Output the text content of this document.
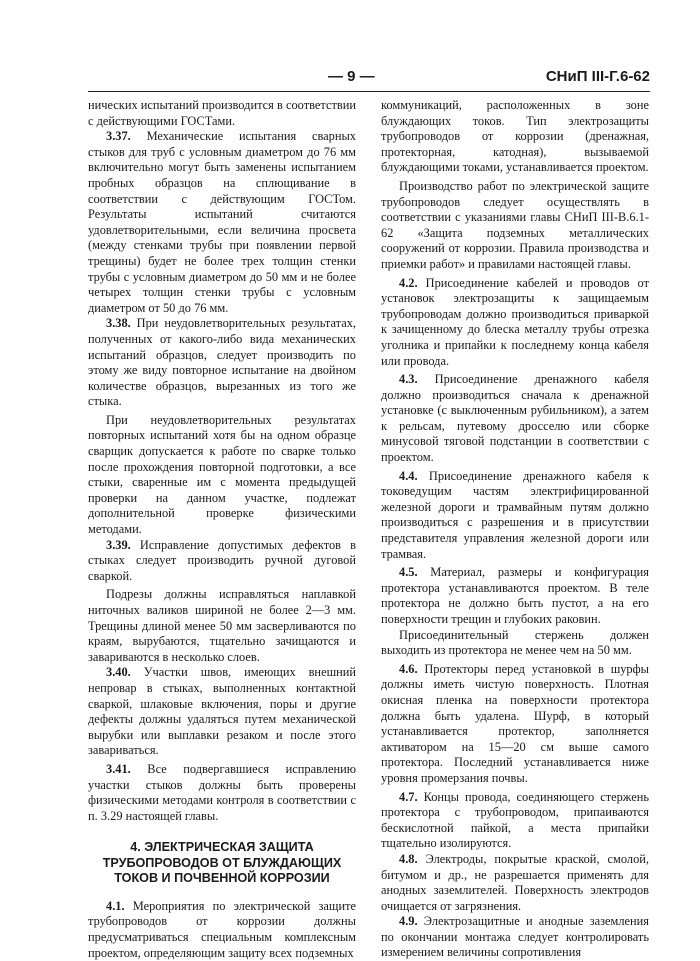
— 9 —	СНиП III-Г.6-62

нических испытаний производится в соответствии с действующими ГОСТами.

3.37. Механические испытания сварных стыков для труб с условным диаметром до 76 мм включительно могут быть заменены испытанием пробных образцов на сплющивание в соответствии с действующим ГОСТом. Результаты испытаний считаются удовлетворительными, если величина просвета (между стенками трубы при появлении первой трещины) будет не более трех толщин стенки трубы с условным диаметром до 50 мм и не более четырех толщин стенки трубы с условным диаметром от 50 до 76 мм.

3.38. При неудовлетворительных результатах, полученных от какого-либо вида механических испытаний образцов, следует производить по этому же виду повторное испытание на двойном количестве образцов, вырезанных из того же стыка.

При неудовлетворительных результатах повторных испытаний хотя бы на одном образце сварщик допускается к работе по сварке только после прохождения повторной подготовки, а все стыки, сваренные им с момента предыдущей проверки на данном участке, подлежат дополнительной проверке физическими методами.

3.39. Исправление допустимых дефектов в стыках следует производить ручной дуговой сваркой.

Подрезы должны исправляться наплавкой ниточных валиков шириной не более 2—3 мм. Трещины длиной менее 50 мм засверливаются по краям, вырубаются, тщательно зачищаются и завариваются в несколько слоев.

3.40. Участки швов, имеющих внешний непровар в стыках, выполненных контактной сваркой, шлаковые включения, поры и другие дефекты должны удаляться путем механической вырубки или выплавки резаком и после этого завариваться.

3.41. Все подвергавшиеся исправлению участки стыков должны быть проверены физическими методами контроля в соответствии с п. 3.29 настоящей главы.

4. ЭЛЕКТРИЧЕСКАЯ ЗАЩИТА
ТРУБОПРОВОДОВ ОТ БЛУЖДАЮЩИХ
ТОКОВ И ПОЧВЕННОЙ КОРРОЗИИ

4.1. Мероприятия по электрической защите трубопроводов от коррозии должны предусматриваться специальным комплексным проектом, определяющим защиту всех подземных

коммуникаций, расположенных в зоне блуждающих токов. Тип электрозащиты трубопроводов от коррозии (дренажная, протекторная, катодная), вызываемой блуждающими токами, устанавливается проектом.

Производство работ по электрической защите трубопроводов следует осуществлять в соответствии с указаниями главы СНиП III-В.6.1-62 «Защита подземных металлических сооружений от коррозии. Правила производства и приемки работ» и правилами настоящей главы.

4.2. Присоединение кабелей и проводов от установок электрозащиты к защищаемым трубопроводам должно производиться приваркой к зачищенному до блеска металлу трубы отрезка уголника и припайки к последнему конца кабеля или провода.

4.3. Присоединение дренажного кабеля должно производиться сначала к дренажной установке (с выключенным рубильником), а затем к рельсам, путевому дросселю или сборке минусовой тяговой подстанции в соответствии с проектом.

4.4. Присоединение дренажного кабеля к токоведущим частям электрифицированной железной дороги и трамвайным путям должно производиться с разрешения и в присутствии представителя управления железной дороги или трамвая.

4.5. Материал, размеры и конфигурация протектора устанавливаются проектом. В теле протектора не должно быть пустот, а на его поверхности трещин и глубоких раковин.

Присоединительный стержень должен выходить из протектора не менее чем на 50 мм.

4.6. Протекторы перед установкой в шурфы должны иметь чистую поверхность. Плотная окисная пленка на поверхности протектора должна быть удалена. Шурф, в который устанавливается протектор, заполняется активатором на 15—20 см выше самого протектора. Последний устанавливается ниже уровня промерзания почвы.

4.7. Концы провода, соединяющего стержень протектора с трубопроводом, припаиваются бескислотной пайкой, а места припайки тщательно изолируются.

4.8. Электроды, покрытые краской, смолой, битумом и др., не разрешается применять для анодных заземлителей. Поверхность электродов очищается от загрязнения.

4.9. Электрозащитные и анодные заземления по окончании монтажа следует контролировать измерением величины сопротивления
